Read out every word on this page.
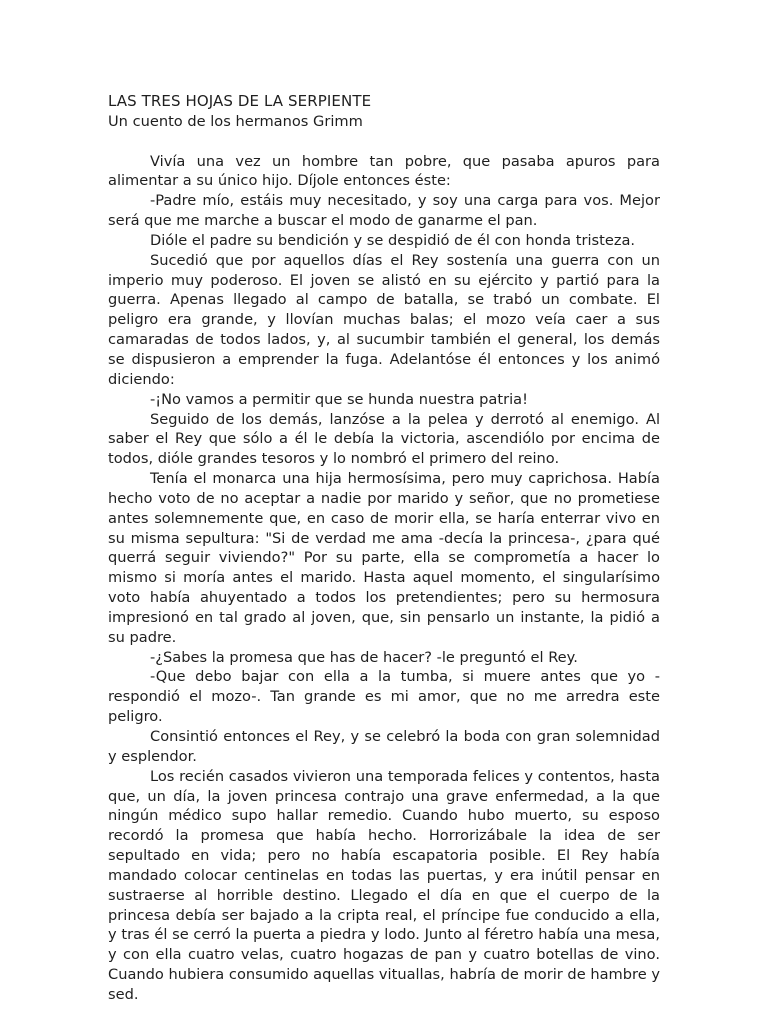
LAS TRES HOJAS DE LA SERPIENTE
Un cuento de los hermanos Grimm

Vivía una vez un hombre tan pobre, que pasaba apuros para alimentar a su único hijo. Díjole entonces éste:

-Padre mío, estáis muy necesitado, y soy una carga para vos. Mejor será que me marche a buscar el modo de ganarme el pan.

Dióle el padre su bendición y se despidió de él con honda tristeza.

Sucedió que por aquellos días el Rey sostenía una guerra con un imperio muy poderoso. El joven se alistó en su ejército y partió para la guerra. Apenas llegado al campo de batalla, se trabó un combate. El peligro era grande, y llovían muchas balas; el mozo veía caer a sus camaradas de todos lados, y, al sucumbir también el general, los demás se dispusieron a emprender la fuga. Adelantóse él entonces y los animó diciendo:

-¡No vamos a permitir que se hunda nuestra patria!

Seguido de los demás, lanzóse a la pelea y derrotó al enemigo. Al saber el Rey que sólo a él le debía la victoria, ascendiólo por encima de todos, dióle grandes tesoros y lo nombró el primero del reino.

Tenía el monarca una hija hermosísima, pero muy caprichosa. Había hecho voto de no aceptar a nadie por marido y señor, que no prometiese antes solemnemente que, en caso de morir ella, se haría enterrar vivo en su misma sepultura: "Si de verdad me ama -decía la princesa-, ¿para qué querrá seguir viviendo?" Por su parte, ella se comprometía a hacer lo mismo si moría antes el marido. Hasta aquel momento, el singularísimo voto había ahuyentado a todos los pretendientes; pero su hermosura impresionó en tal grado al joven, que, sin pensarlo un instante, la pidió a su padre.

-¿Sabes la promesa que has de hacer? -le preguntó el Rey.

-Que debo bajar con ella a la tumba, si muere antes que yo -respondió el mozo-. Tan grande es mi amor, que no me arredra este peligro.

Consintió entonces el Rey, y se celebró la boda con gran solemnidad y esplendor.

Los recién casados vivieron una temporada felices y contentos, hasta que, un día, la joven princesa contrajo una grave enfermedad, a la que ningún médico supo hallar remedio. Cuando hubo muerto, su esposo recordó la promesa que había hecho. Horrorizábale la idea de ser sepultado en vida; pero no había escapatoria posible. El Rey había mandado colocar centinelas en todas las puertas, y era inútil pensar en sustraerse al horrible destino. Llegado el día en que el cuerpo de la princesa debía ser bajado a la cripta real, el príncipe fue conducido a ella, y tras él se cerró la puerta a piedra y lodo. Junto al féretro había una mesa, y con ella cuatro velas, cuatro hogazas de pan y cuatro botellas de vino. Cuando hubiera consumido aquellas vituallas, habría de morir de hambre y sed.
